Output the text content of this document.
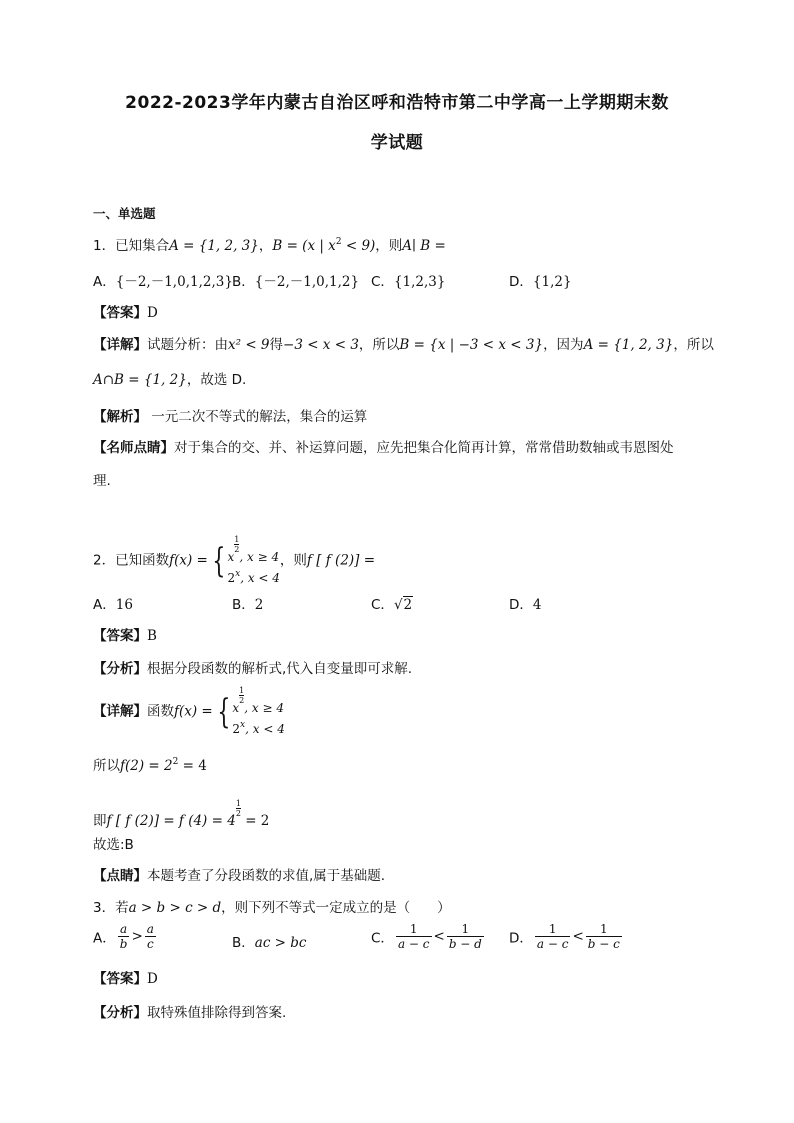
2022-2023学年内蒙古自治区呼和浩特市第二中学高一上学期期末数
学试题
一、单选题
1．已知集合A = {1, 2, 3}，B = (x | $x^2 < 9$)，则A∣ B =
A．{－2,－1,0,1,2,3} B．{－2,－1,0,1,2} C．{1,2,3}	D．{1,2}
【答案】D
【详解】试题分析：由x² < 9得−3 < x < 3，所以B = {x | −3 < x < 3}，因为A = {1, 2, 3}，所以
A∩B = {1, 2}，故选 D.
【解析】 一元二次不等式的解法，集合的运算
【名师点睛】对于集合的交、并、补运算问题，应先把集合化简再计算，常常借助数轴或韦恩图处
理.
2．已知函数f(x) = { x
$\frac{1}{2}$
, x ≥ 4
2$^x$, x < 4
，则f [ f (2)] =
A．16	B．2	C．√2	D．4
【答案】B
【分析】根据分段函数的解析式,代入自变量即可求解.
【详解】函数f(x) = { x
$\frac{1}{2}$
, x ≥ 4
2$^x$, x < 4
所以$f(2) = 2^2 = 4$
即f [ f (2)] = f (4) = 4
$\frac{1}{2}$
= 2
故选:B
【点睛】本题考查了分段函数的求值,属于基础题.
3．若a > b > c > d，则下列不等式一定成立的是（　　）
A． $\frac{a}{b} > \frac{a}{c}$	B．ac > bc	C． $\frac{1}{a - c} < \frac{1}{b - d}$ D． $\frac{1}{a - c} < \frac{1}{b - c}$
【答案】D
【分析】取特殊值排除得到答案.
